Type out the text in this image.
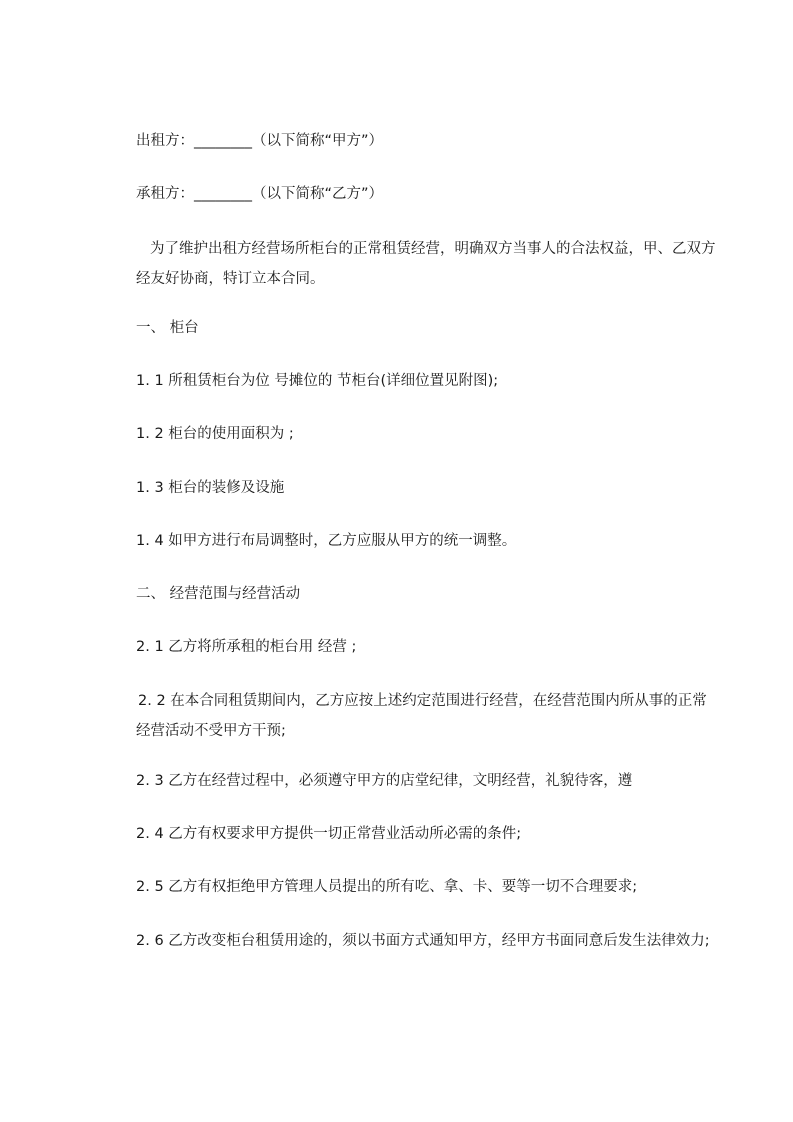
出租方：________（以下简称“甲方”）
承租方：________（以下简称“乙方”）
为了维护出租方经营场所柜台的正常租赁经营，明确双方当事人的合法权益，甲、乙双方经友好协商，特订立本合同。
一、 柜台
1. 1 所租赁柜台为位 号摊位的 节柜台(详细位置见附图);
1. 2 柜台的使用面积为 ;
1. 3 柜台的装修及设施
1. 4 如甲方进行布局调整时，乙方应服从甲方的统一调整。
二、 经营范围与经营活动
2. 1 乙方将所承租的柜台用 经营 ;
2. 2 在本合同租赁期间内，乙方应按上述约定范围进行经营，在经营范围内所从事的正常经营活动不受甲方干预;
2. 3 乙方在经营过程中，必须遵守甲方的店堂纪律，文明经营，礼貌待客，遵
2. 4 乙方有权要求甲方提供一切正常营业活动所必需的条件;
2. 5 乙方有权拒绝甲方管理人员提出的所有吃、拿、卡、要等一切不合理要求;
2. 6 乙方改变柜台租赁用途的，须以书面方式通知甲方，经甲方书面同意后发生法律效力;
